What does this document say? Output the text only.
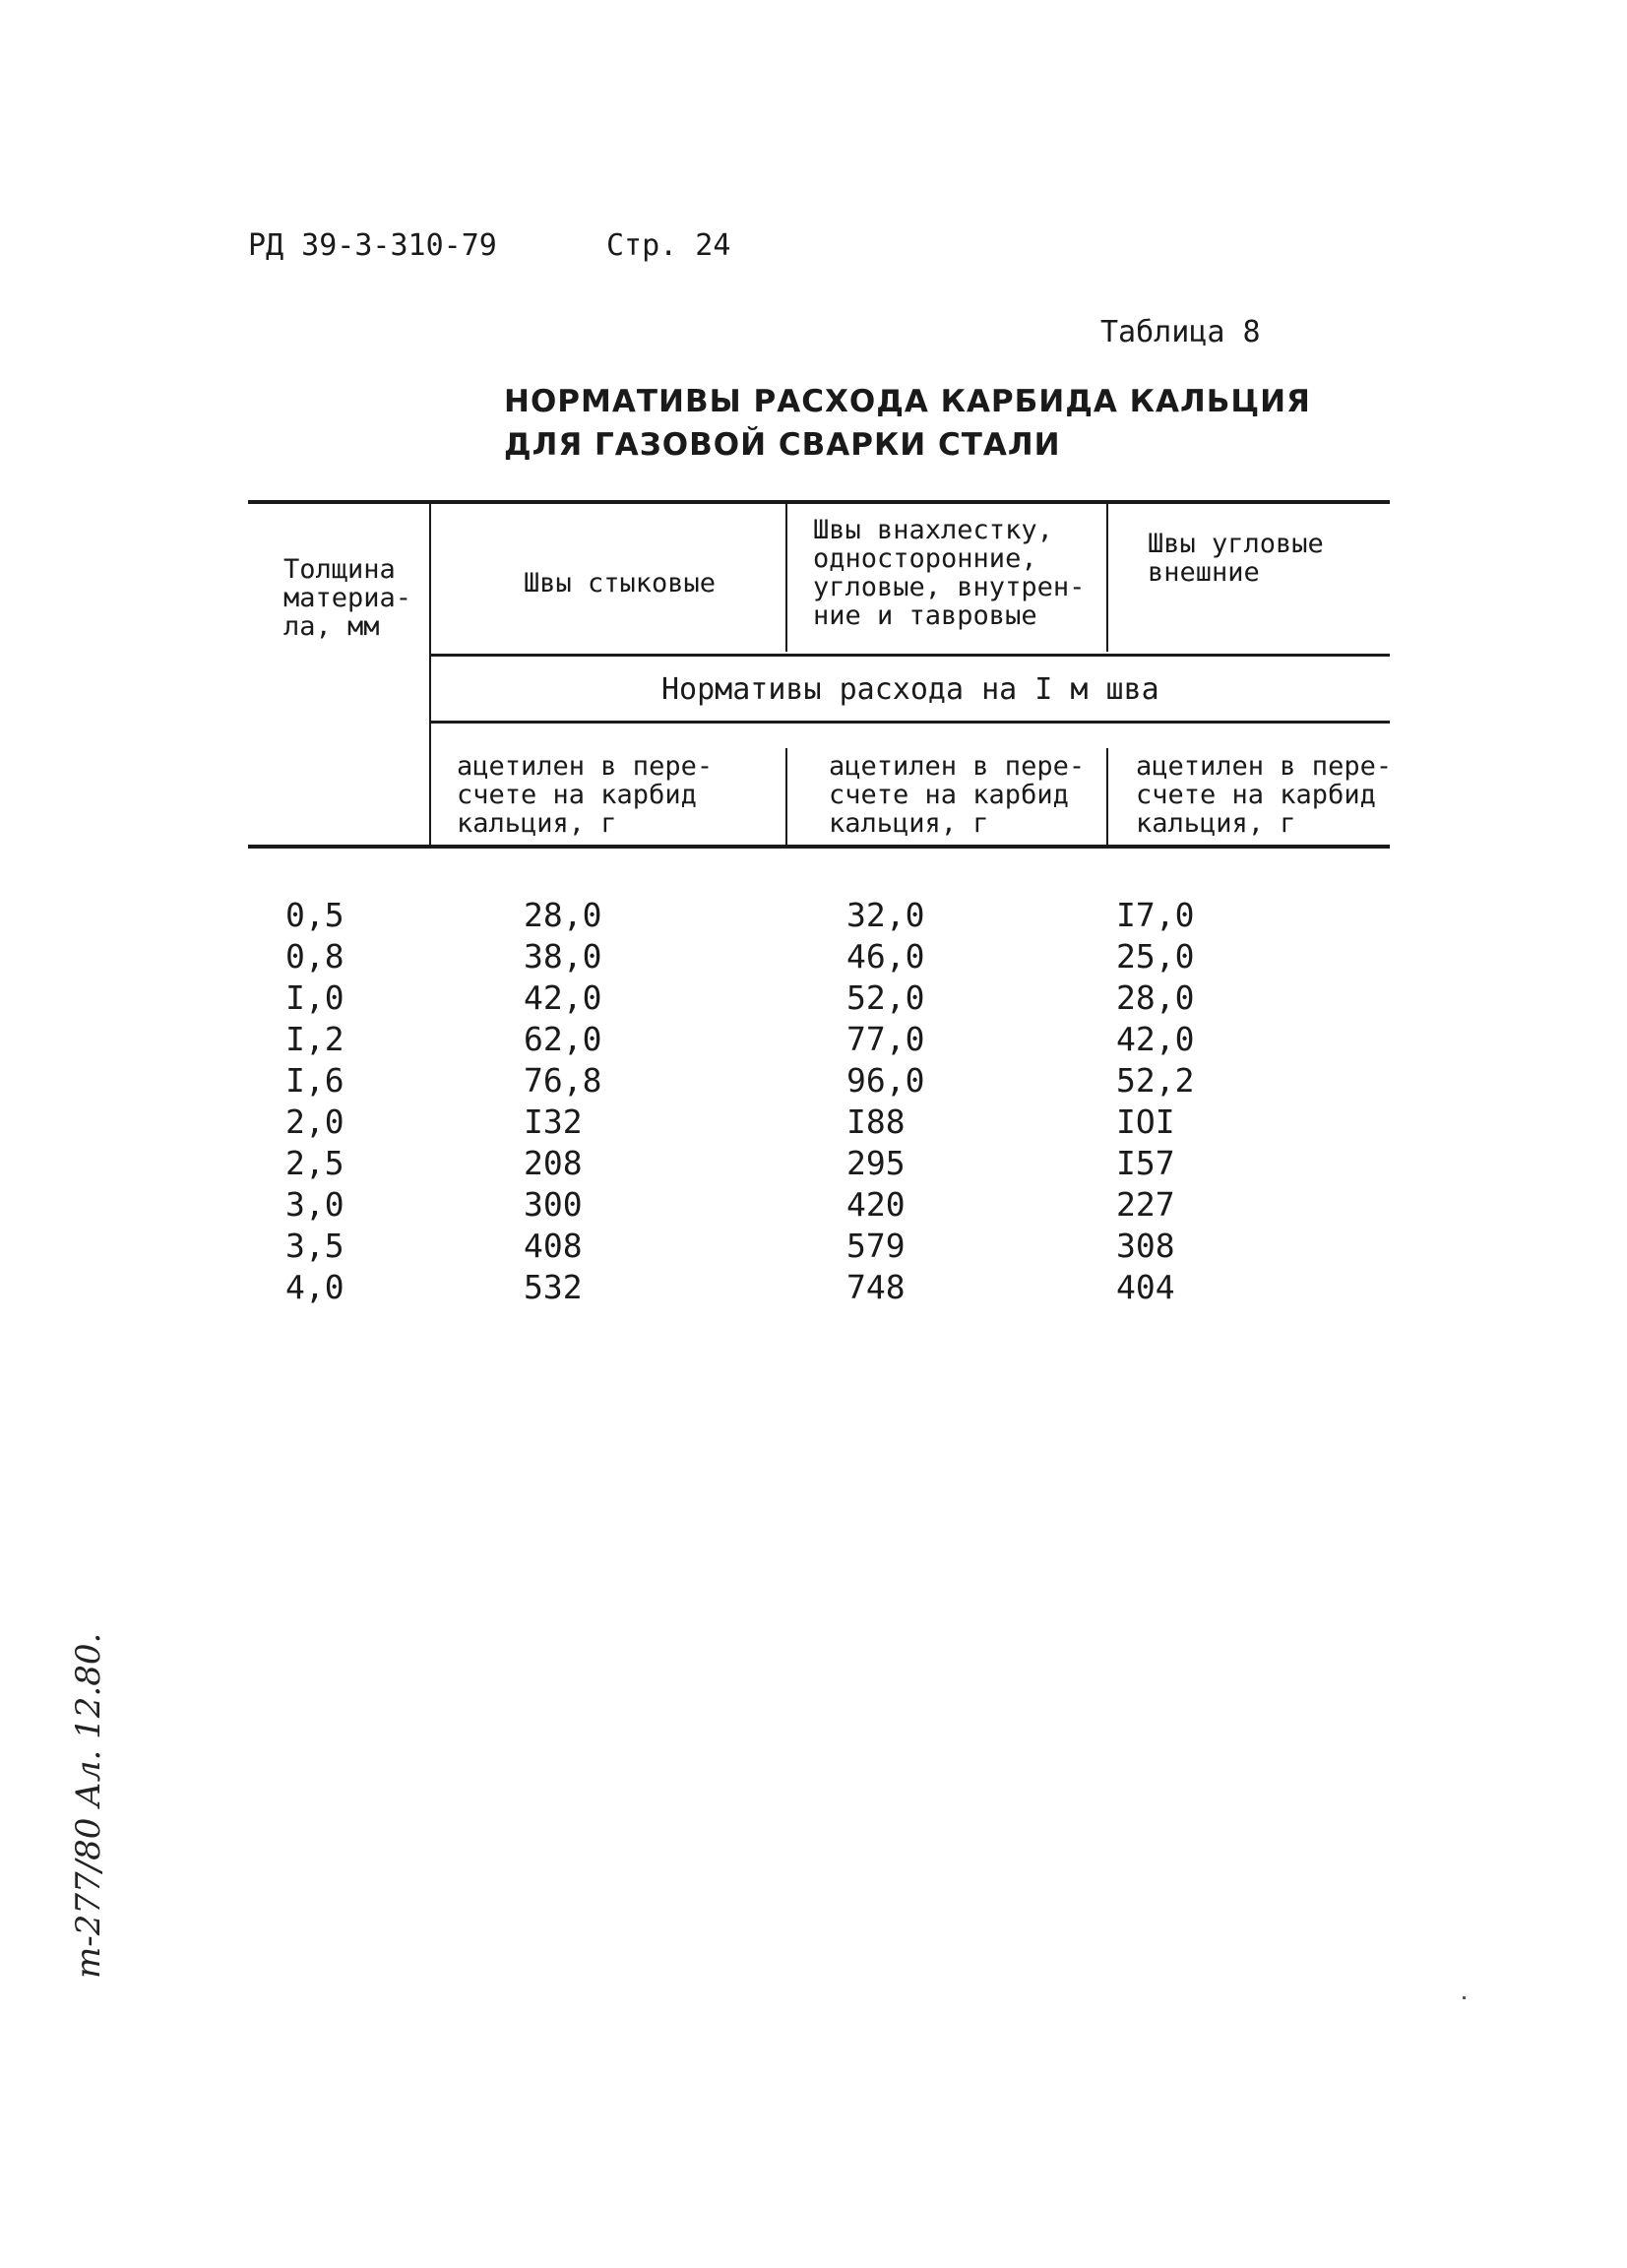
РД 39-3-310-79	Стр. 24
Таблица 8
НОРМАТИВЫ РАСХОДА КАРБИДА КАЛЬЦИЯ
ДЛЯ ГАЗОВОЙ СВАРКИ СТАЛИ
Толщина
материа-
ла, мм
Швы стыковые
Швы внахлестку,
односторонние,
угловые, внутрен-
ние и тавровые
Швы угловые
внешние
Нормативы расхода на I м шва
ацетилен в пере-
счете на карбид
кальция, г
ацетилен в пере-
счете на карбид
кальция, г
ацетилен в пере-
счете на карбид
кальция, г
0,5	28,0	32,0	I7,0
0,8	38,0	46,0	25,0
I,0	42,0	52,0	28,0
I,2	62,0	77,0	42,0
I,6	76,8	96,0	52,2
2,0	I32	I88	IOI
2,5	208	295	I57
3,0	300	420	227
3,5	408	579	308
4,0	532	748	404
т-277/80 Ал. 12.80.
